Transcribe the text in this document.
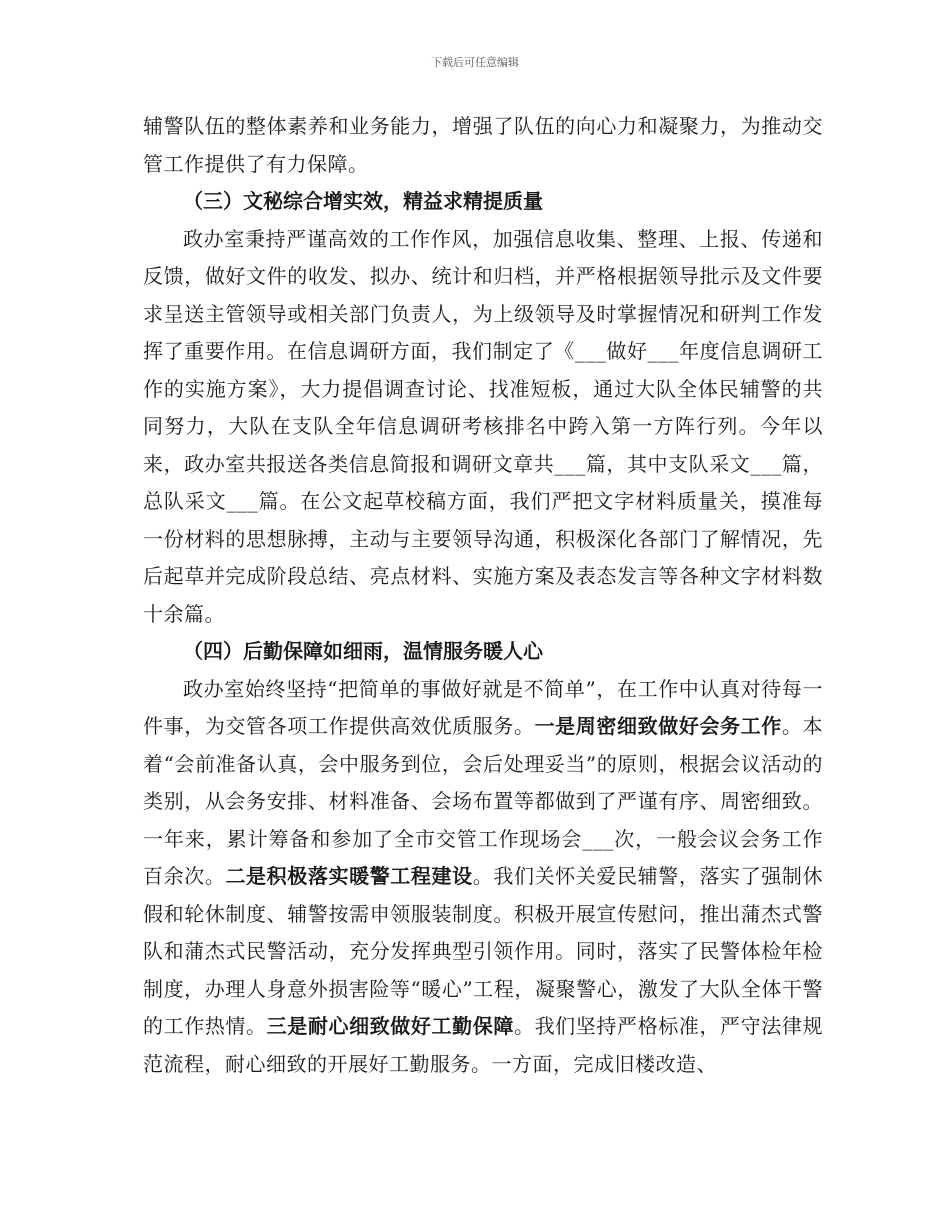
下载后可任意编辑

辅警队伍的整体素养和业务能力，增强了队伍的向心力和凝聚力，为推动交管工作提供了有力保障。

（三）文秘综合增实效，精益求精提质量

政办室秉持严谨高效的工作作风，加强信息收集、整理、上报、传递和反馈，做好文件的收发、拟办、统计和归档，并严格根据领导批示及文件要求呈送主管领导或相关部门负责人，为上级领导及时掌握情况和研判工作发挥了重要作用。在信息调研方面，我们制定了《___做好___年度信息调研工作的实施方案》，大力提倡调查讨论、找准短板，通过大队全体民辅警的共同努力，大队在支队全年信息调研考核排名中跨入第一方阵行列。今年以来，政办室共报送各类信息简报和调研文章共___篇，其中支队采文___篇，总队采文___篇。在公文起草校稿方面，我们严把文字材料质量关，摸准每一份材料的思想脉搏，主动与主要领导沟通，积极深化各部门了解情况，先后起草并完成阶段总结、亮点材料、实施方案及表态发言等各种文字材料数十余篇。

（四）后勤保障如细雨，温情服务暖人心

政办室始终坚持“把简单的事做好就是不简单”，在工作中认真对待每一件事，为交管各项工作提供高效优质服务。一是周密细致做好会务工作。本着“会前准备认真，会中服务到位，会后处理妥当”的原则，根据会议活动的类别，从会务安排、材料准备、会场布置等都做到了严谨有序、周密细致。一年来，累计筹备和参加了全市交管工作现场会___次，一般会议会务工作百余次。二是积极落实暖警工程建设。我们关怀关爱民辅警，落实了强制休假和轮休制度、辅警按需申领服装制度。积极开展宣传慰问，推出蒲杰式警队和蒲杰式民警活动，充分发挥典型引领作用。同时，落实了民警体检年检制度，办理人身意外损害险等“暖心”工程，凝聚警心，激发了大队全体干警的工作热情。三是耐心细致做好工勤保障。我们坚持严格标准，严守法律规范流程，耐心细致的开展好工勤服务。一方面，完成旧楼改造、
